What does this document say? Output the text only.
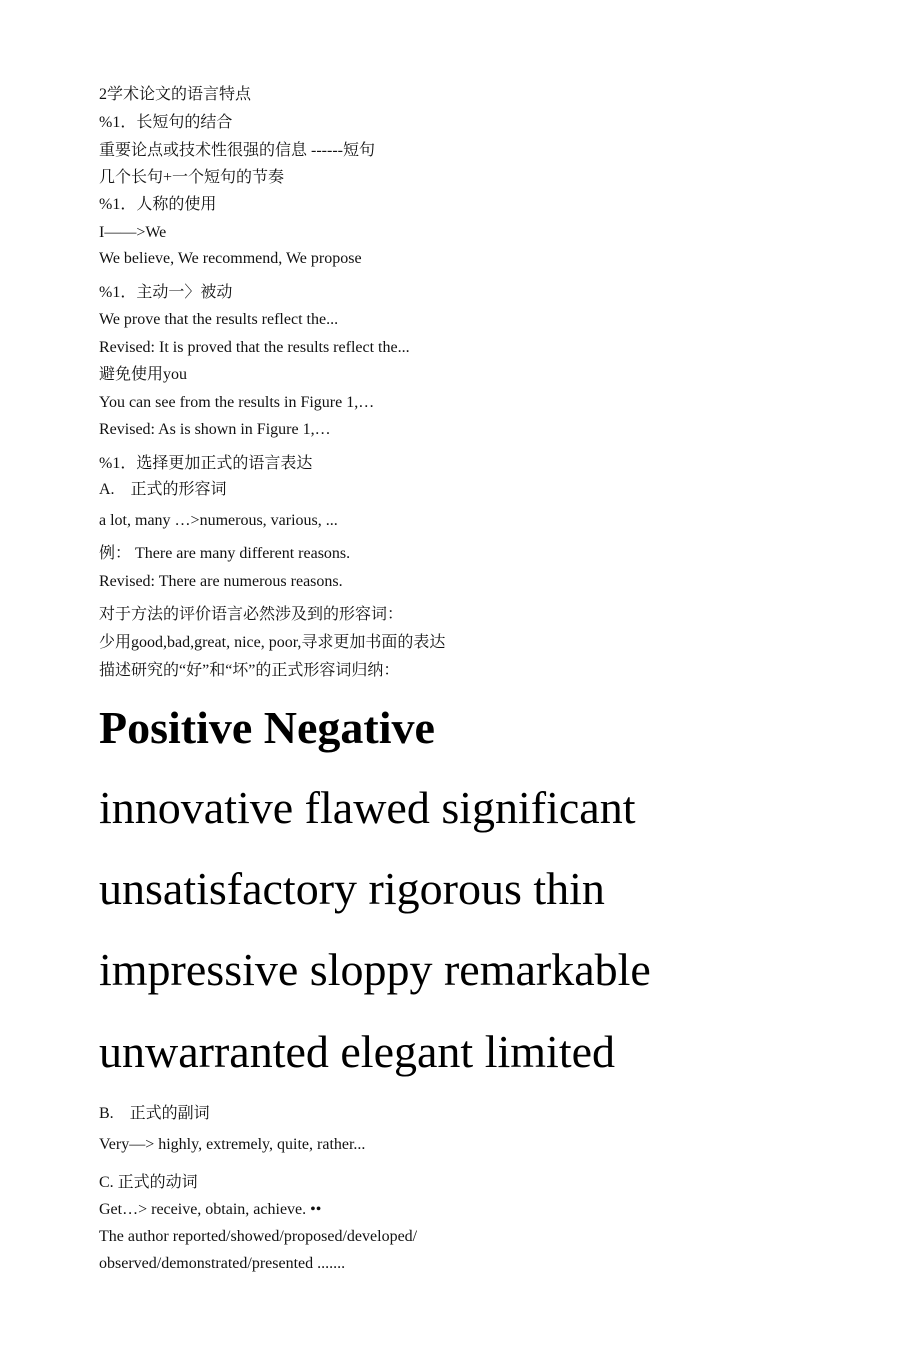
2学术论文的语言特点
%1．长短句的结合
重要论点或技术性很强的信息 ------短句
几个长句+一个短句的节奏
%1．人称的使用
I——>We
We believe, We recommend, We propose
%1．主动一〉被动
We prove that the results reflect the...
Revised: It is proved that the results reflect the...
避免使用you
You can see from the results in Figure 1,…
Revised: As is shown in Figure 1,…
%1．选择更加正式的语言表达
A.　正式的形容词
a lot, many …>numerous, various, ...
例： There are many different reasons.
Revised: There are numerous reasons.
对于方法的评价语言必然涉及到的形容词：
少用good,bad,great, nice, poor,寻求更加书面的表达
描述研究的“好”和“坏”的正式形容词归纳：
Positive Negative
innovative flawed significant
unsatisfactory rigorous thin
impressive sloppy remarkable
unwarranted elegant limited
B.　正式的副词
Very—> highly, extremely, quite, rather...
C. 正式的动词
Get…> receive, obtain, achieve. ••
The author reported/showed/proposed/developed/
observed/demonstrated/presented .......
